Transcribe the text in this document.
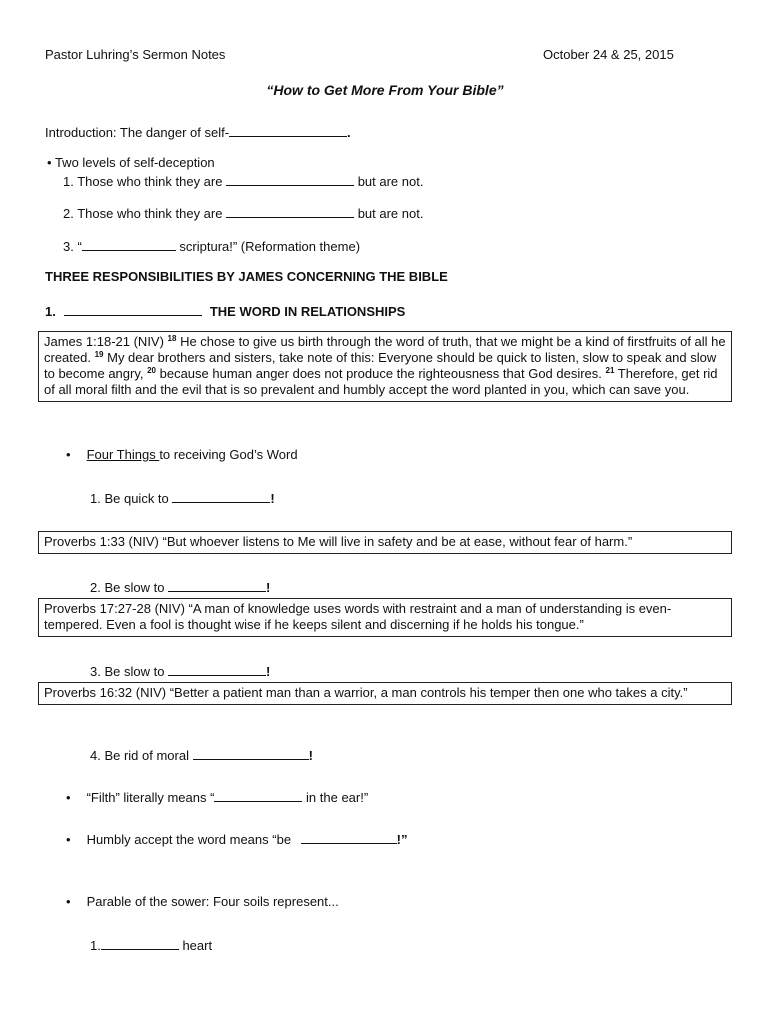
Pastor Luhring’s Sermon Notes	October 24 & 25, 2015
“How to Get More From Your Bible”
Introduction: The danger of self-	.
• Two levels of self-deception
1. Those who think they are	but are not.
2. Those who think they are	but are not.
3. “	scriptura!” (Reformation theme)
THREE RESPONSIBILITIES BY JAMES CONCERNING THE BIBLE
1.	THE WORD IN RELATIONSHIPS
James 1:18-21 (NIV) $^{18}$ He chose to give us birth through the word of truth, that we might be a kind of firstfruits of all he created. $^{19}$ My dear brothers and sisters, take note of this: Everyone should be quick to listen, slow to speak and slow to become angry, $^{20}$ because human anger does not produce the righteousness that God desires. $^{21}$ Therefore, get rid of all moral filth and the evil that is so prevalent and humbly accept the word planted in you, which can save you.
• Four Things to receiving God’s Word
1. Be quick to	!
Proverbs 1:33 (NIV) “But whoever listens to Me will live in safety and be at ease, without fear of harm.”
2. Be slow to	!
Proverbs 17:27-28 (NIV) “A man of knowledge uses words with restraint and a man of understanding is even-tempered. Even a fool is thought wise if he keeps silent and discerning if he holds his tongue.”
3. Be slow to	!
Proverbs 16:32 (NIV) “Better a patient man than a warrior, a man controls his temper then one who takes a city.”
4. Be rid of moral	!
• “Filth” literally means “	in the ear!”
• Humbly accept the word means “be	!”
• Parable of the sower: Four soils represent...
1.	heart
